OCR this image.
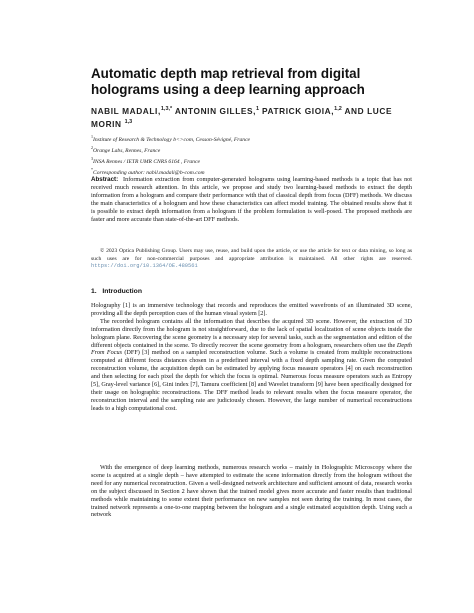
Automatic depth map retrieval from digital holograms using a deep learning approach
NABIL MADALI,$^{1,3,*}$ ANTONIN GILLES,$^1$ PATRICK GIOIA,$^{1,2}$ AND LUCE MORIN $^{1,3}$
$^1$Institute of Research & Technology b<>com, Cesson-Sévigné, France
$^2$Orange Labs, Rennes, France
$^3$INSA Rennes / IETR UMR CNRS 6164 , France
*Corresponding author: nabil.madali@b-com.com
Abstract: Information extraction from computer-generated holograms using learning-based methods is a topic that has not received much research attention. In this article, we propose and study two learning-based methods to extract the depth information from a hologram and compare their performance with that of classical depth from focus (DFF) methods. We discuss the main characteristics of a hologram and how these characteristics can affect model training. The obtained results show that it is possible to extract depth information from a hologram if the problem formulation is well-posed. The proposed methods are faster and more accurate than state-of-the-art DFF methods.
© 2023 Optica Publishing Group. Users may use, reuse, and build upon the article, or use the article for text or data mining, so long as such uses are for non-commercial purposes and appropriate attribution is maintained. All other rights are reserved. https://doi.org/10.1364/OE.480561
1. Introduction

Holography [1] is an immersive technology that records and reproduces the emitted wavefronts of an illuminated 3D scene, providing all the depth perception cues of the human visual system [2].

The recorded hologram contains all the information that describes the acquired 3D scene. However, the extraction of 3D information directly from the hologram is not straightforward, due to the lack of spatial localization of scene objects inside the hologram plane. Recovering the scene geometry is a necessary step for several tasks, such as the segmentation and edition of the different objects contained in the scene. To directly recover the scene geometry from a hologram, researchers often use the Depth From Focus (DFF) [3] method on a sampled reconstruction volume. Such a volume is created from multiple reconstructions computed at different focus distances chosen in a predefined interval with a fixed depth sampling rate. Given the computed reconstruction volume, the acquisition depth can be estimated by applying focus measure operators [4] on each reconstruction and then selecting for each pixel the depth for which the focus is optimal. Numerous focus measure operators such as Entropy [5], Gray-level variance [6], Gini index [7], Tamura coefficient [8] and Wavelet transform [9] have been specifically designed for their usage on holographic reconstructions. The DFF method leads to relevant results when the focus measure operator, the reconstruction interval and the sampling rate are judiciously chosen. However, the large number of numerical reconstructions leads to a high computational cost.

With the emergence of deep learning methods, numerous research works – mainly in Holographic Microscopy where the scene is acquired at a single depth – have attempted to estimate the scene information directly from the hologram without the need for any numerical reconstruction. Given a well-designed network architecture and sufficient amount of data, research works on the subject discussed in Section 2 have shown that the trained model gives more accurate and faster results than traditional methods while maintaining to some extent their performance on new samples not seen during the training. In most cases, the trained network represents a one-to-one mapping between the hologram and a single estimated acquisition depth. Using such a network
